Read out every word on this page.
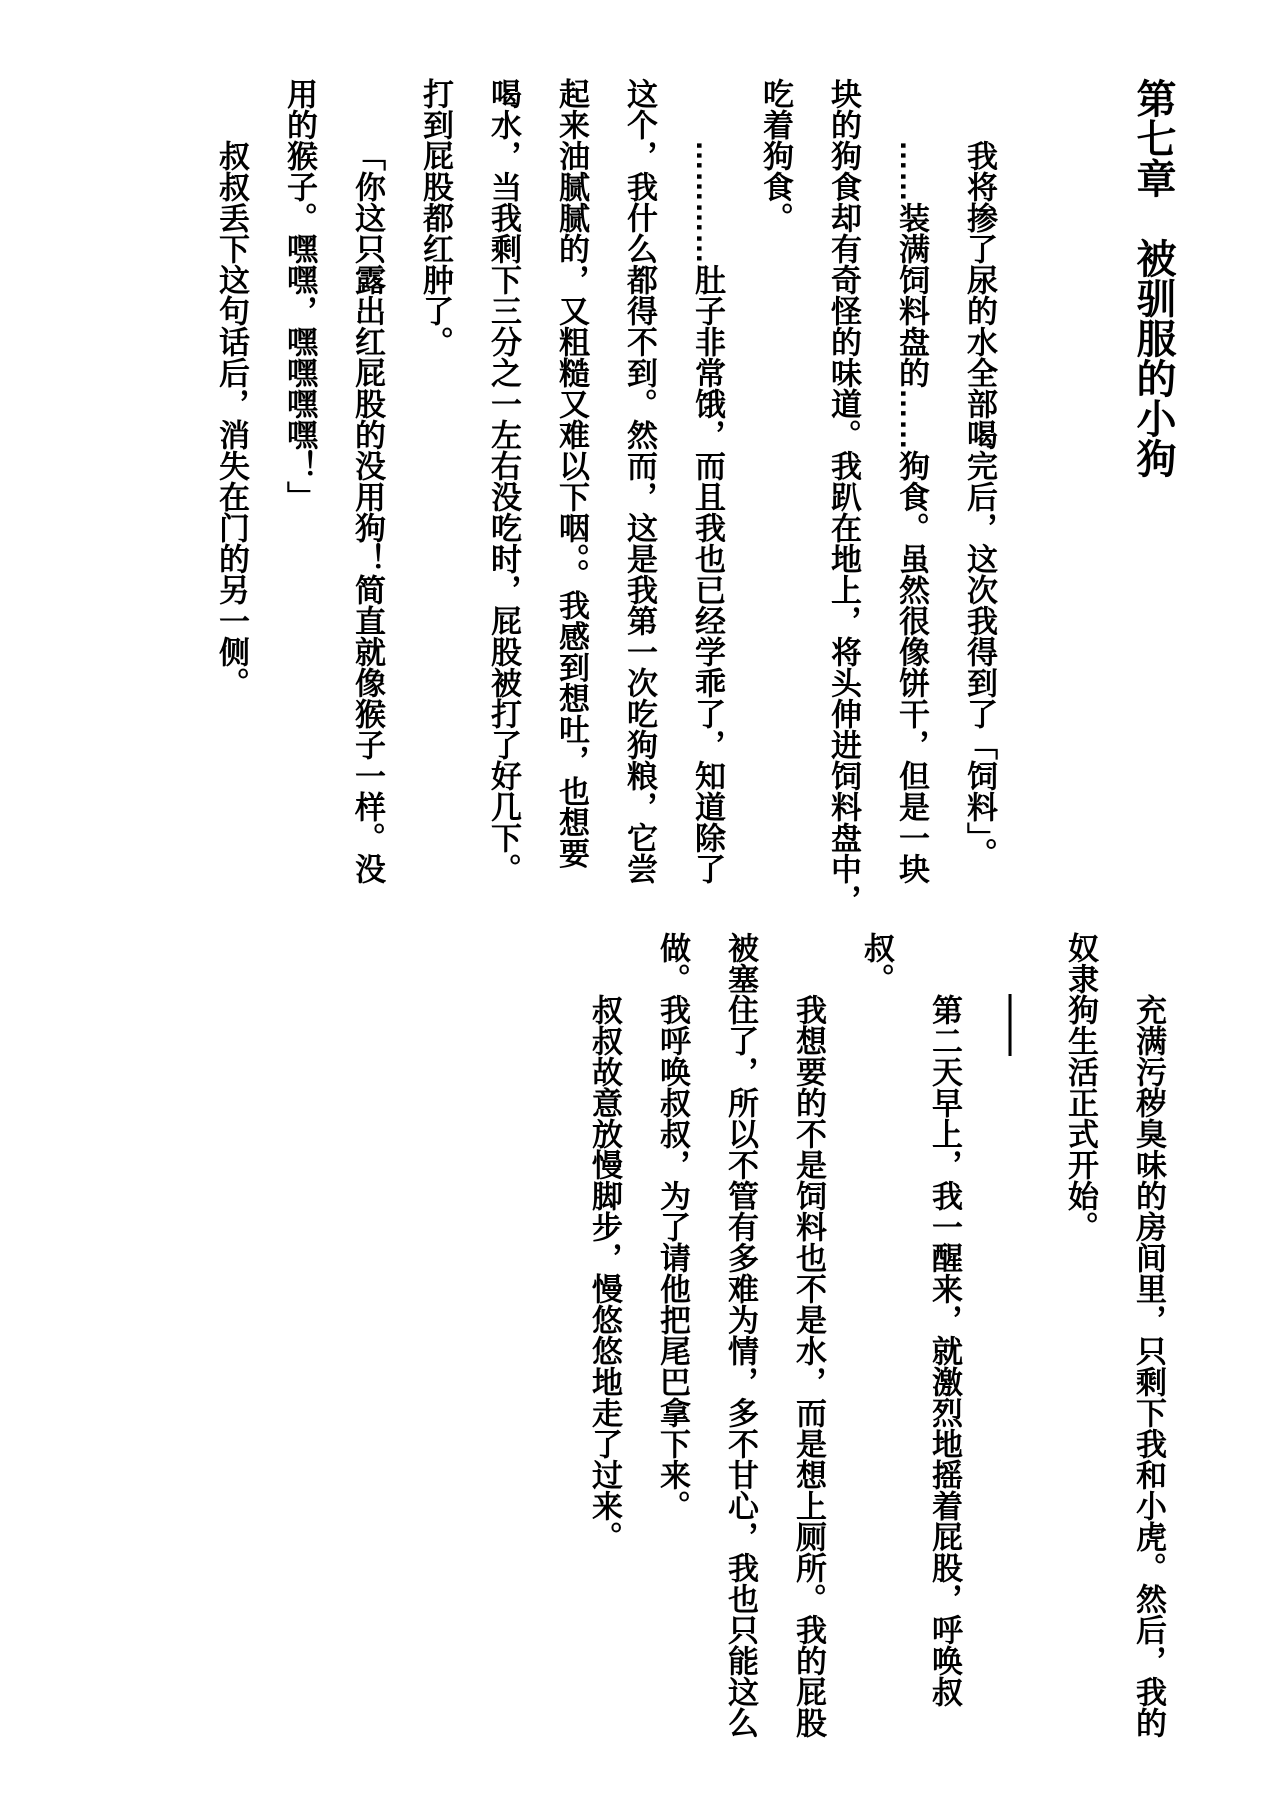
第七章　被驯服的小狗

我将掺了尿的水全部喝完后，这次我得到了「饲料」。

……装满饲料盘的……狗食。虽然很像饼干，但是一块

块的狗食却有奇怪的味道。我趴在地上，将头伸进饲料盘中，

吃着狗食。

…………肚子非常饿，而且我也已经学乖了，知道除了

这个，我什么都得不到。然而，这是我第一次吃狗粮，它尝

起来油腻腻的，又粗糙又难以下咽。。我感到想吐，也想要

喝水，当我剩下三分之一左右没吃时，屁股被打了好几下。

打到屁股都红肿了。

「你这只露出红屁股的没用狗！简直就像猴子一样。没

用的猴子。嘿嘿，嘿嘿嘿嘿！」

叔叔丢下这句话后，消失在门的另一侧。

充满污秽臭味的房间里，只剩下我和小虎。然后，我的

奴隶狗生活正式开始。

——

第二天早上，我一醒来，就激烈地摇着屁股，呼唤叔叔。

我想要的不是饲料也不是水，而是想上厕所。我的屁股

被塞住了，所以不管有多难为情，多不甘心，我也只能这么

做。我呼唤叔叔，为了请他把尾巴拿下来。

叔叔故意放慢脚步，慢悠悠地走了过来。
